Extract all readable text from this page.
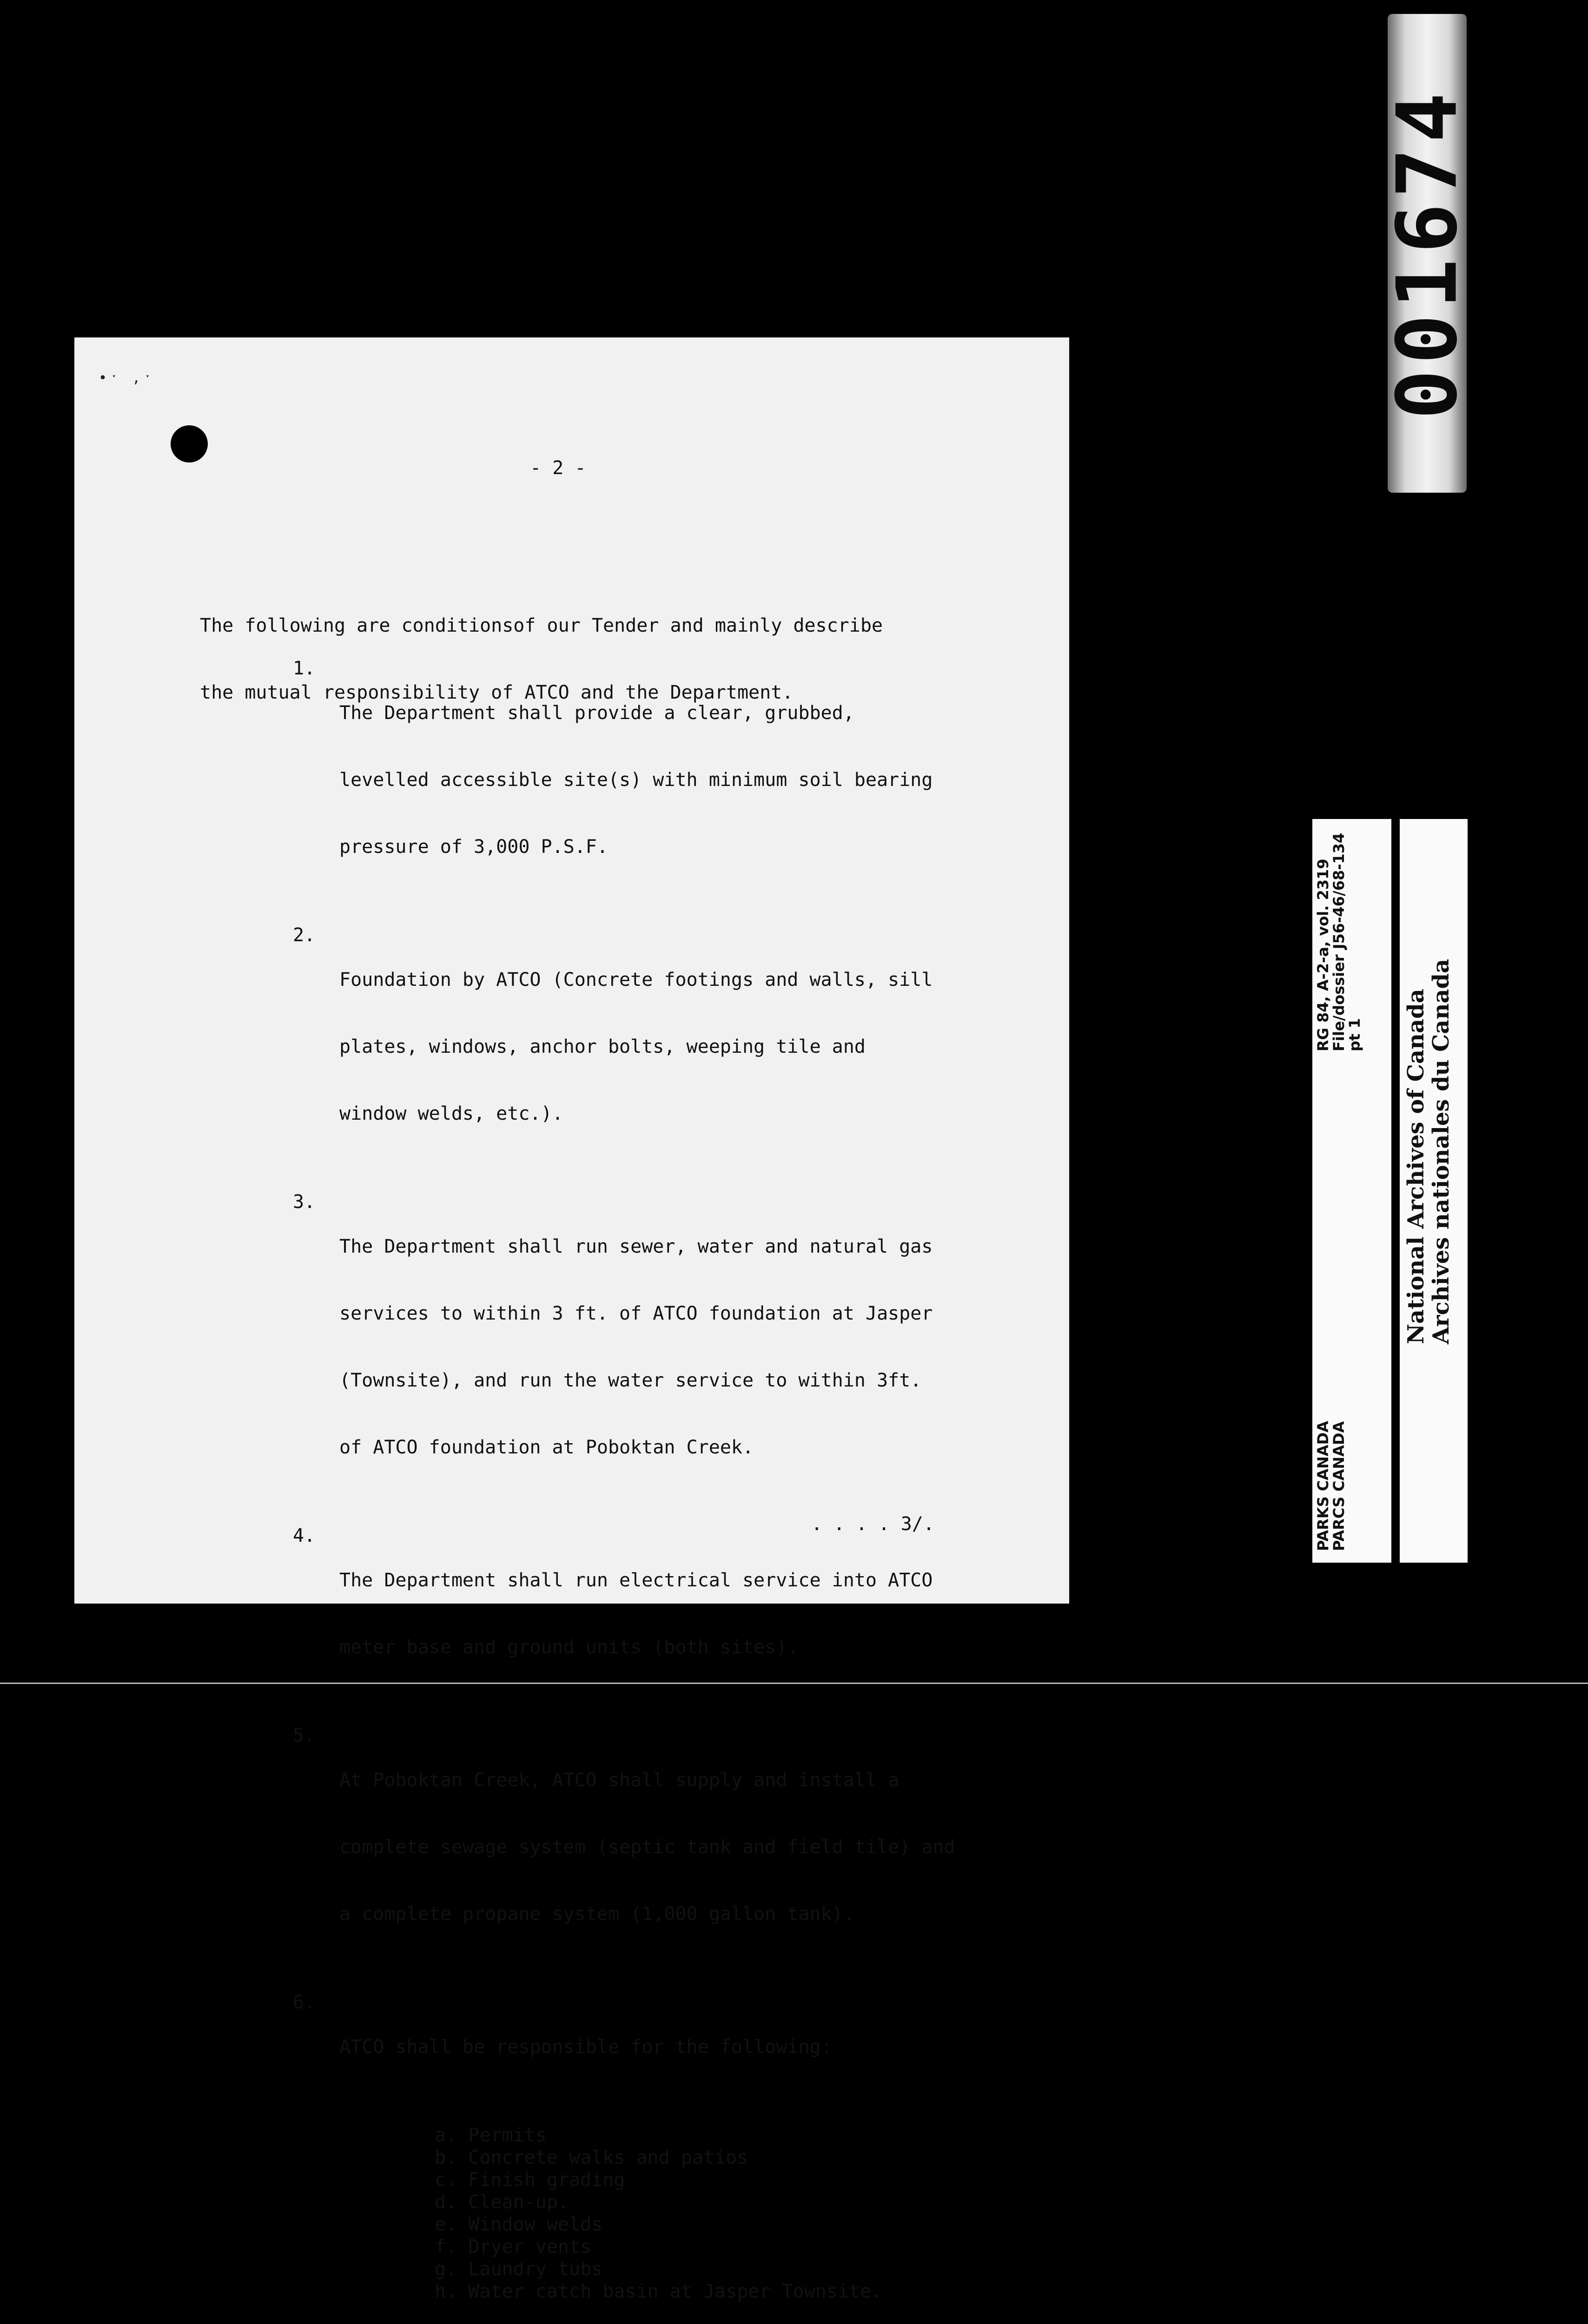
•ˑ ,ˑ
- 2 -

The following are conditionsof our Tender and mainly describe

the mutual responsibility of ATCO and the Department.

1.

The Department shall provide a clear, grubbed,

levelled accessible site(s) with minimum soil bearing

pressure of 3,000 P.S.F.

2.

Foundation by ATCO (Concrete footings and walls, sill

plates, windows, anchor bolts, weeping tile and

window welds, etc.).

3.

The Department shall run sewer, water and natural gas

services to within 3 ft. of ATCO foundation at Jasper

(Townsite), and run the water service to within 3ft.

of ATCO foundation at Poboktan Creek.

4.

The Department shall run electrical service into ATCO

meter base and ground units (both sites).

5.

At Poboktan Creek, ATCO shall supply and install a

complete sewage system (septic tank and field tile) and

a complete propane system (1,000 gallon tank).

6.

ATCO shall be responsible for the following:

a. Permits
b. Concrete walks and patios
c. Finish grading
d. Clean-up.
e. Window welds
f. Dryer vents
g. Laundry tubs
h. Water catch basin at Jasper Townsite.

. . . . 3/.
001674
PARKS CANADA
PARCS CANADA
RG 84, A-2-a, vol. 2319
File/dossier J56-46/68-134
pt 1 National Archives of Canada
Archives nationales du Canada
